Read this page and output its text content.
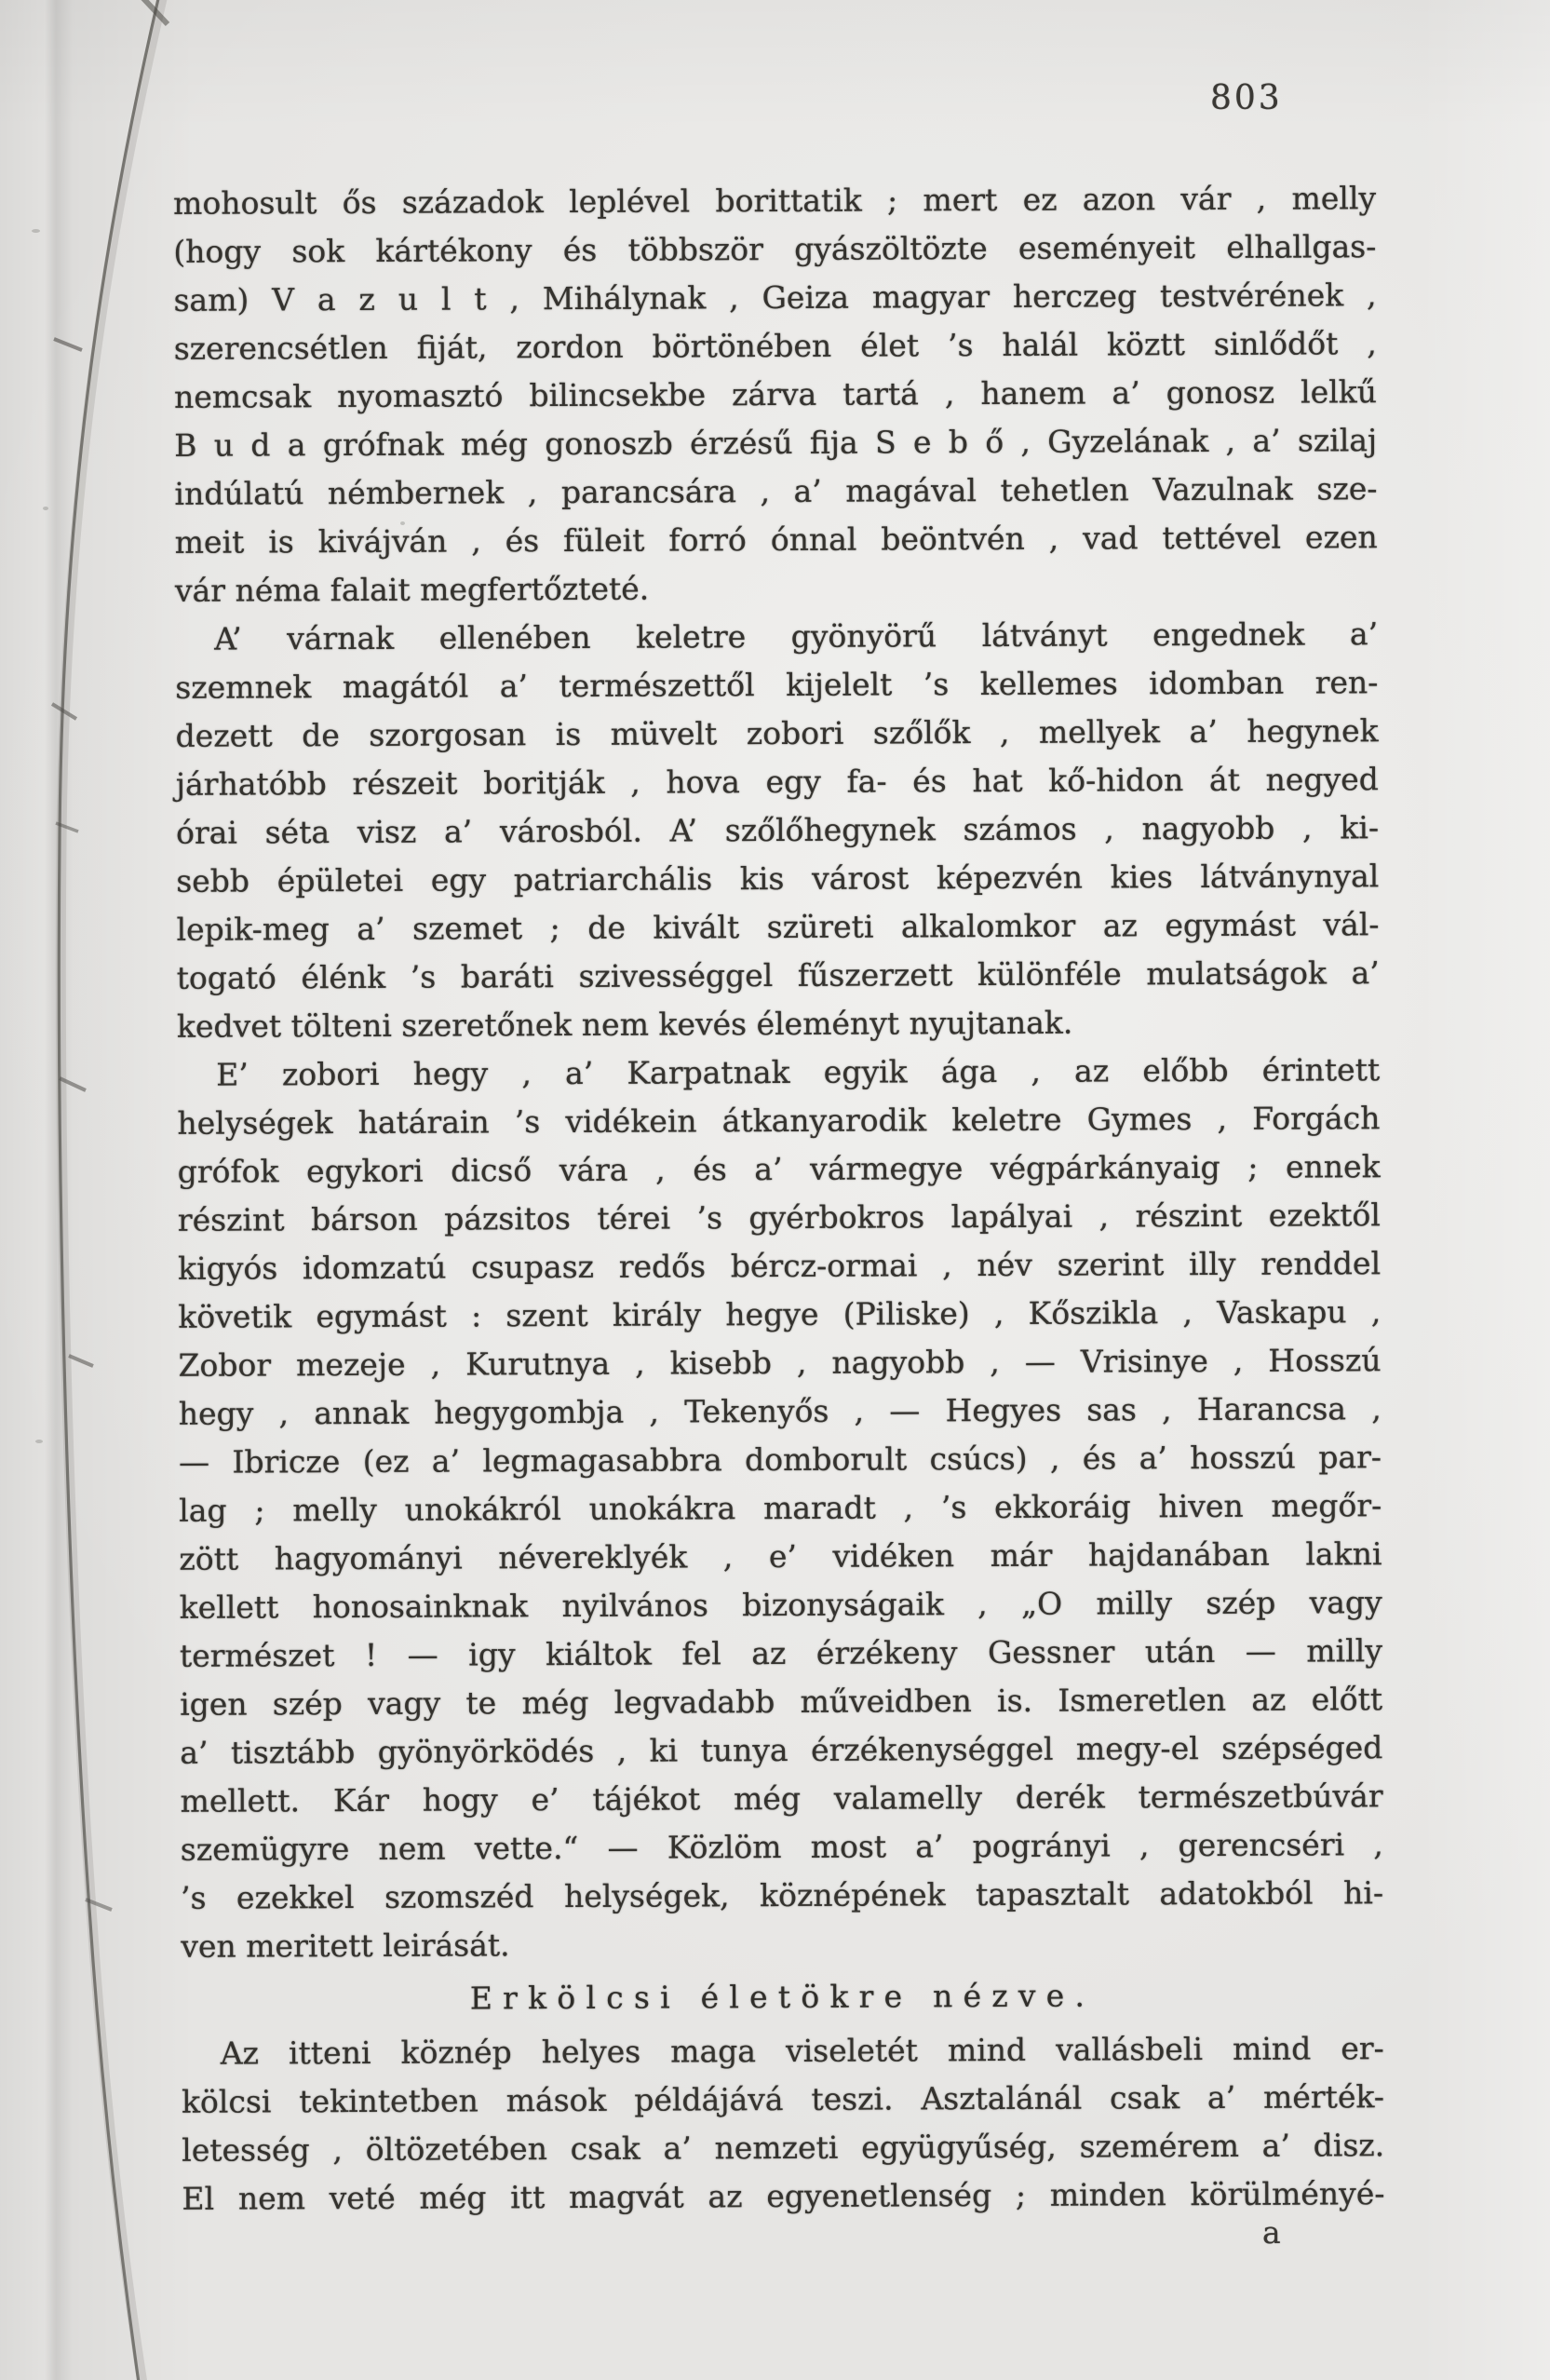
803
mohosult ős századok leplével borittatik ; mert ez azon vár , melly
(hogy sok kártékony és többször gyászöltözte eseményeit elhallgas-
sam) V a z u l t , Mihálynak , Geiza magyar herczeg testvérének ,
szerencsétlen fiját, zordon börtönében élet ’s halál köztt sinlődőt ,
nemcsak nyomasztó bilincsekbe zárva tartá , hanem a’ gonosz lelkű
B u d a grófnak még gonoszb érzésű fija S e b ő , Gyzelának , a’ szilaj
indúlatú némbernek , parancsára , a’ magával tehetlen Vazulnak sze-
meit is kivájván , és füleit forró ónnal beöntvén , vad tettével ezen
vár néma falait megfertőzteté.
A’ várnak ellenében keletre gyönyörű látványt engednek a’
szemnek magától a’ természettől kijelelt ’s kellemes idomban ren-
dezett de szorgosan is müvelt zobori szőlők , mellyek a’ hegynek
járhatóbb részeit boritják , hova egy fa- és hat kő-hidon át negyed
órai séta visz a’ városból. A’ szőlőhegynek számos , nagyobb , ki-
sebb épületei egy patriarchális kis várost képezvén kies látványnyal
lepik-meg a’ szemet ; de kivált szüreti alkalomkor az egymást vál-
togató élénk ’s baráti szivességgel fűszerzett különféle mulatságok a’
kedvet tölteni szeretőnek nem kevés éleményt nyujtanak.
E’ zobori hegy , a’ Karpatnak egyik ága , az előbb érintett
helységek határain ’s vidékein átkanyarodik keletre Gymes , Forgách
grófok egykori dicső vára , és a’ vármegye végpárkányaig ; ennek
részint bárson pázsitos térei ’s gyérbokros lapályai , részint ezektől
kigyós idomzatú csupasz redős bércz-ormai , név szerint illy renddel
követik egymást : szent király hegye (Piliske) , Kőszikla , Vaskapu ,
Zobor mezeje , Kurutnya , kisebb , nagyobb , — Vrisinye , Hosszú
hegy , annak hegygombja , Tekenyős , — Hegyes sas , Harancsa ,
— Ibricze (ez a’ legmagasabbra domborult csúcs) , és a’ hosszú par-
lag ; melly unokákról unokákra maradt , ’s ekkoráig hiven megőr-
zött hagyományi névereklyék , e’ vidéken már hajdanában lakni
kellett honosainknak nyilvános bizonyságaik , „O milly szép vagy
természet ! — igy kiáltok fel az érzékeny Gessner után — milly
igen szép vagy te még legvadabb műveidben is. Ismeretlen az előtt
a’ tisztább gyönyörködés , ki tunya érzékenységgel megy-el szépséged
mellett. Kár hogy e’ tájékot még valamelly derék természetbúvár
szemügyre nem vette.“ — Közlöm most a’ pogrányi , gerencséri ,
’s ezekkel szomszéd helységek, köznépének tapasztalt adatokból hi-
ven meritett leirását.
Erkölcsi életökre nézve.
Az itteni köznép helyes maga viseletét mind vallásbeli mind er-
kölcsi tekintetben mások példájává teszi. Asztalánál csak a’ mérték-
letesség , öltözetében csak a’ nemzeti együgyűség, szemérem a’ disz.
El nem veté még itt magvát az egyenetlenség ; minden körülményé-
a
